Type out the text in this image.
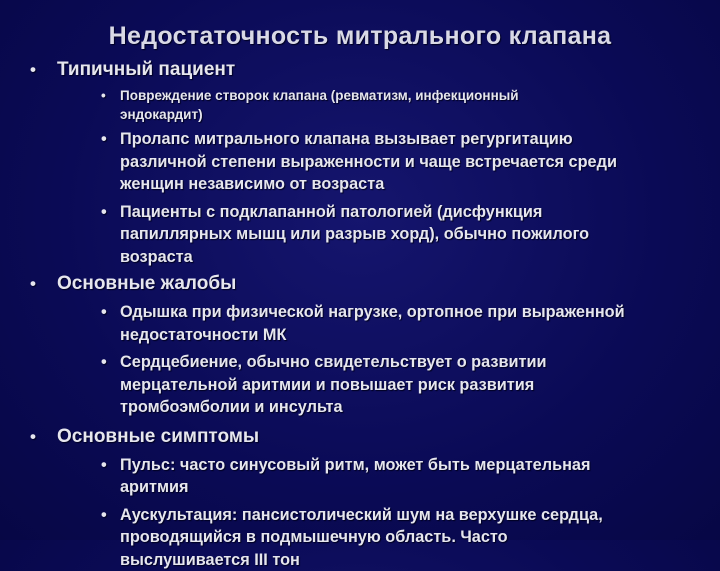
Недостаточность митрального клапана
• Типичный пациент
• Повреждение створок клапана (ревматизм, инфекционный
эндокардит)
• Пролапс митрального клапана вызывает регургитацию
различной степени выраженности и чаще встречается среди
женщин независимо от возраста
• Пациенты с подклапанной патологией (дисфункция
папиллярных мышц или разрыв хорд), обычно пожилого
возраста
• Основные жалобы
• Одышка при физической нагрузке, ортопное при выраженной
недостаточности МК
• Сердцебиение, обычно свидетельствует о развитии
мерцательной аритмии и повышает риск развития
тромбоэмболии и инсульта
• Основные симптомы
• Пульс: часто синусовый ритм, может быть мерцательная
аритмия
• Аускультация: пансистолический шум на верхушке сердца,
проводящийся в подмышечную область. Часто
выслушивается III тон
